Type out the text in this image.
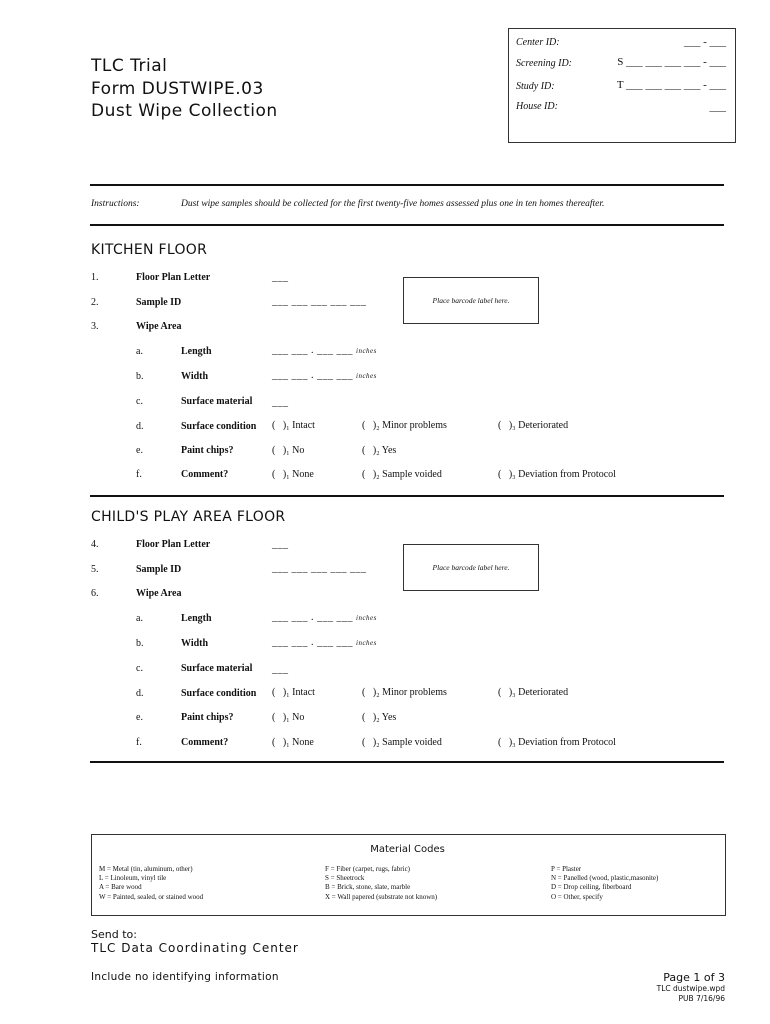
TLC Trial
Form DUSTWIPE.03
Dust Wipe Collection
Center ID:	___ - ___
Screening ID:	S ___ ___ ___ ___ - ___
Study ID:	T ___ ___ ___ ___ - ___
House ID:	___
Instructions:	Dust wipe samples should be collected for the first twenty-five homes assessed plus one in ten homes thereafter.
KITCHEN FLOOR
1.	Floor Plan Letter	___
2.	Sample ID	___ ___ ___ ___ ___	Place barcode label here.
3.	Wipe Area
a.	Length	___ ___ . ___ ___ inches
b.	Width	___ ___ . ___ ___ inches
c.	Surface material ___
d.	Surface condition (   )₁ Intact	(   )₂ Minor problems	(   )₃ Deteriorated
e.	Paint chips?	(   )₁ No	(   )₂ Yes
f.	Comment?	(   )₁ None	(   )₂ Sample voided	(   )₃ Deviation from Protocol
CHILD'S PLAY AREA FLOOR
4.	Floor Plan Letter	___
5.	Sample ID	___ ___ ___ ___ ___	Place barcode label here.
6.	Wipe Area
a.	Length	___ ___ . ___ ___ inches
b.	Width	___ ___ . ___ ___ inches
c.	Surface material ___
d.	Surface condition (   )₁ Intact	(   )₂ Minor problems	(   )₃ Deteriorated
e.	Paint chips?	(   )₁ No	(   )₂ Yes
f.	Comment?	(   )₁ None	(   )₂ Sample voided	(   )₃ Deviation from Protocol
Material Codes
M = Metal (tin, aluminum, other)
L = Linoleum, vinyl tile
A = Bare wood
W = Painted, sealed, or stained wood
F = Fiber (carpet, rugs, fabric)
S = Sheetrock
B = Brick, stone, slate, marble
X = Wall papered (substrate not known)
P = Plaster
N = Panelled (wood, plastic,masonite)
D = Drop ceiling, fiberboard
O = Other, specify
Send to:
TLC Data Coordinating Center
Include no identifying information	Page 1 of 3
TLC dustwipe.wpd
PUB 7/16/96
